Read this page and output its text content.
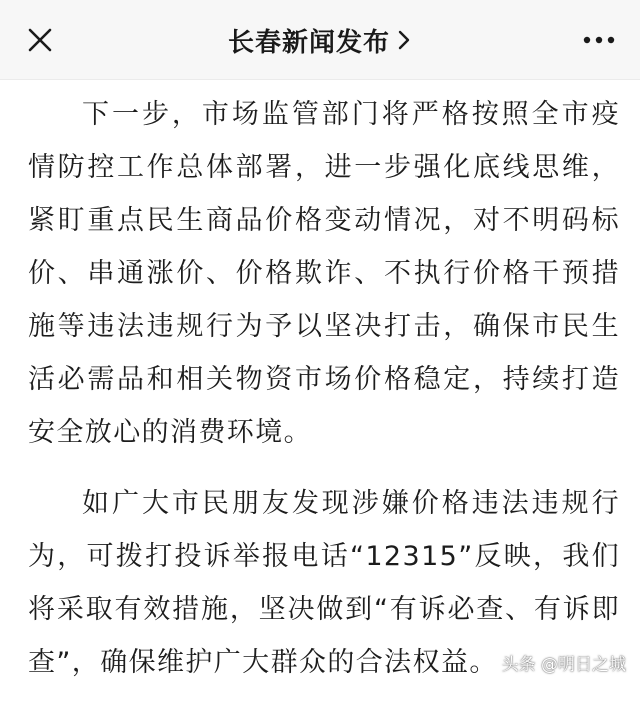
长春新闻发布

下一步，市场监管部门将严格按照全市疫情防控工作总体部署，进一步强化底线思维，紧盯重点民生商品价格变动情况，对不明码标价、串通涨价、价格欺诈、不执行价格干预措施等违法违规行为予以坚决打击，确保市民生活必需品和相关物资市场价格稳定，持续打造安全放心的消费环境。

如广大市民朋友发现涉嫌价格违法违规行为，可拨打投诉举报电话“12315”反映，我们将采取有效措施，坚决做到“有诉必查、有诉即查”，确保维护广大群众的合法权益。 头条 @明日之城
